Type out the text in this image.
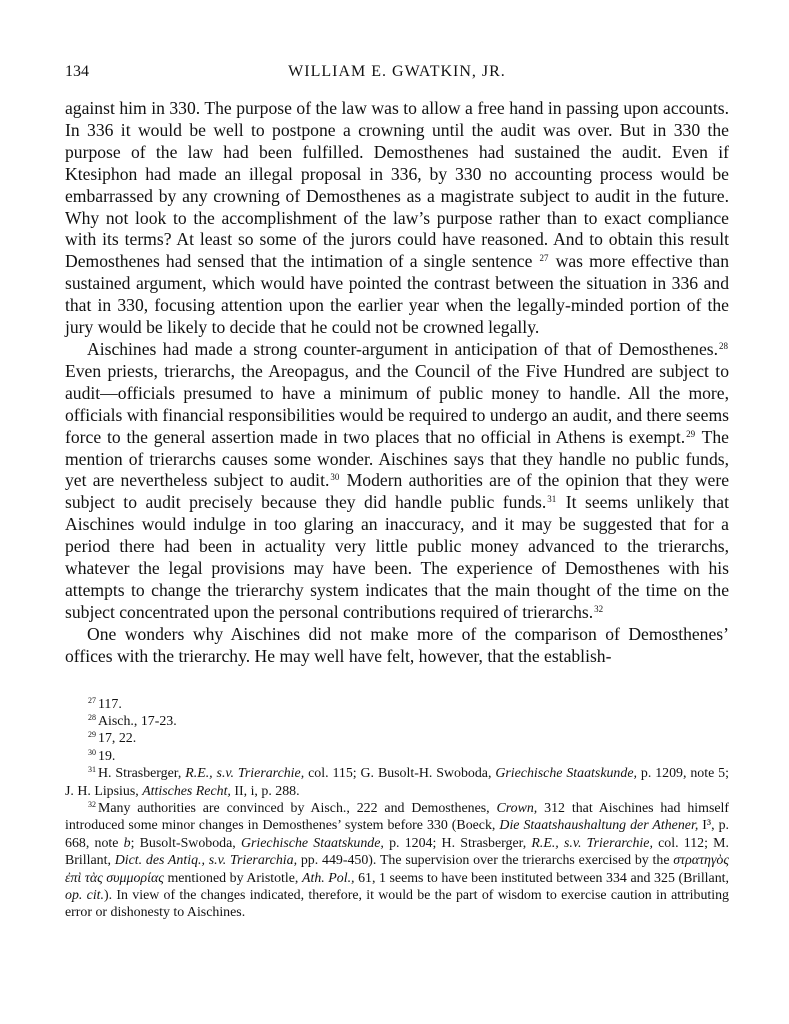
134	WILLIAM E. GWATKIN, JR.

against him in 330. The purpose of the law was to allow a free hand in passing upon accounts. In 336 it would be well to postpone a crowning until the audit was over. But in 330 the purpose of the law had been fulfilled. Demosthenes had sustained the audit. Even if Ktesiphon had made an illegal proposal in 336, by 330 no accounting process would be embarrassed by any crowning of Demosthenes as a magistrate subject to audit in the future. Why not look to the accomplishment of the law’s purpose rather than to exact compliance with its terms? At least so some of the jurors could have reasoned. And to obtain this result Demosthenes had sensed that the intimation of a single sentence $^{27}$ was more effective than sustained argument, which would have pointed the contrast between the situation in 336 and that in 330, focusing attention upon the earlier year when the legally-minded portion of the jury would be likely to decide that he could not be crowned legally.

Aischines had made a strong counter-argument in anticipation of that of Demosthenes.$^{28}$ Even priests, trierarchs, the Areopagus, and the Council of the Five Hundred are subject to audit—officials presumed to have a minimum of public money to handle. All the more, officials with financial responsibilities would be required to undergo an audit, and there seems force to the general assertion made in two places that no official in Athens is exempt.$^{29}$ The mention of trierarchs causes some wonder. Aischines says that they handle no public funds, yet are nevertheless subject to audit.$^{30}$ Modern authorities are of the opinion that they were subject to audit precisely because they did handle public funds.$^{31}$ It seems unlikely that Aischines would indulge in too glaring an inaccuracy, and it may be suggested that for a period there had been in actuality very little public money advanced to the trierarchs, whatever the legal provisions may have been. The experience of Demosthenes with his attempts to change the trierarchy system indicates that the main thought of the time on the subject concentrated upon the personal contributions required of trierarchs.$^{32}$

One wonders why Aischines did not make more of the comparison of Demosthenes’ offices with the trierarchy. He may well have felt, however, that the establish-

$^{27}$ 117.
$^{28}$ Aisch., 17-23.
$^{29}$ 17, 22.
$^{30}$ 19.
$^{31}$ H. Strasberger, R.E., s.v. Trierarchie, col. 115; G. Busolt-H. Swoboda, Griechische Staatskunde, p. 1209, note 5; J. H. Lipsius, Attisches Recht, II, i, p. 288.
$^{32}$ Many authorities are convinced by Aisch., 222 and Demosthenes, Crown, 312 that Aischines had himself introduced some minor changes in Demosthenes’ system before 330 (Boeck, Die Staatshaushaltung der Athener, I³, p. 668, note b; Busolt-Swoboda, Griechische Staatskunde, p. 1204; H. Strasberger, R.E., s.v. Trierarchie, col. 112; M. Brillant, Dict. des Antiq., s.v. Trierarchia, pp. 449-450). The supervision over the trierarchs exercised by the στρατηγὸς ἐπὶ τὰς συμμορίας mentioned by Aristotle, Ath. Pol., 61, 1 seems to have been instituted between 334 and 325 (Brillant, op. cit.). In view of the changes indicated, therefore, it would be the part of wisdom to exercise caution in attributing error or dishonesty to Aischines.
